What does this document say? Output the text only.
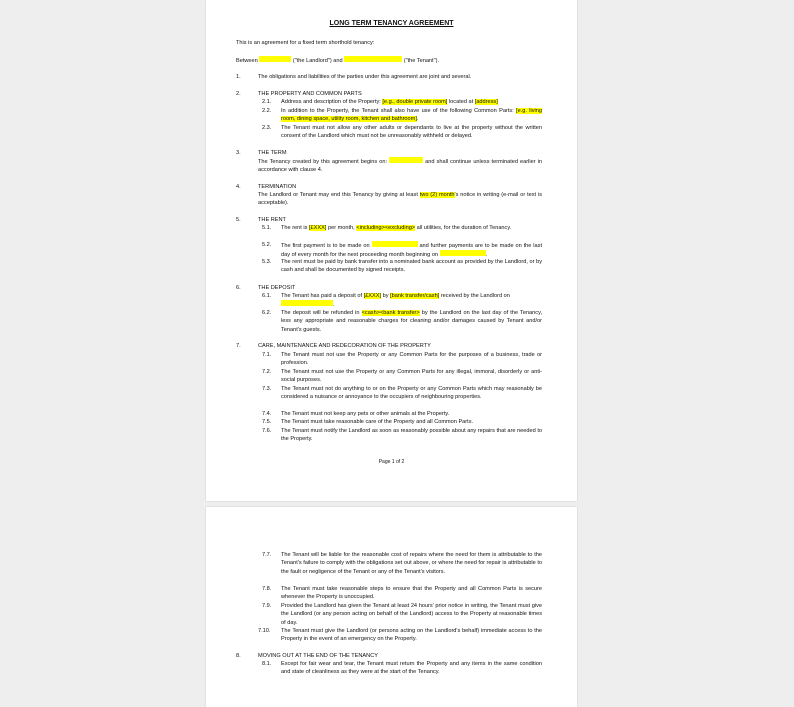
LONG TERM TENANCY AGREEMENT
This is an agreement for a fixed term shorthold tenancy:
Between	("the Landlord") and	("the Tenant").
1.	The obligations and liabilities of the parties under this agreement are joint and several.
2.	THE PROPERTY AND COMMON PARTS
2.1. Address and description of the Property: [e.g., double private room] located at [address]
2.2. In addition to the Property, the Tenant shall also have use of the following Common Parts: [e.g. living room, dining space, utility room, kitchen and bathroom].
2.3. The Tenant must not allow any other adults or dependants to live at the property without the written consent of the Landlord which must not be unreasonably withheld or delayed.
3.	THE TERM
The Tenancy created by this agreement begins on:	and shall continue unless terminated earlier in accordance with clause 4.
4.	TERMINATION
The Landlord or Tenant may end this Tenancy by giving at least two (2) month's notice in writing (e-mail or text is acceptable).
5.	THE RENT
5.1. The rent is [£XXX] per month, <including><excluding> all utilities, for the duration of Tenancy.
5.2. The first payment is to be made on	and further payments are to be made on the last day of every month for the next proceeding month beginning on	.
5.3. The rent must be paid by bank transfer into a nominated bank account as provided by the Landlord, or by cash and shall be documented by signed receipts.
6.	THE DEPOSIT
6.1. The Tenant has paid a deposit of [£XXX] by [bank transfer/cash] received by the Landlord on
.
6.2. The deposit will be refunded in <cash><bank transfer> by the Landlord on the last day of the Tenancy, less any appropriate and reasonable charges for cleaning and/or damages caused by Tenant and/or Tenant's guests.
7.	CARE, MAINTENANCE AND REDECORATION OF THE PROPERTY
7.1. The Tenant must not use the Property or any Common Parts for the purposes of a business, trade or profession.
7.2. The Tenant must not use the Property or any Common Parts for any illegal, immoral, disorderly or anti-social purposes.
7.3. The Tenant must not do anything to or on the Property or any Common Parts which may reasonably be considered a nuisance or annoyance to the occupiers of neighbouring properties.
7.4. The Tenant must not keep any pets or other animals at the Property.
7.5. The Tenant must take reasonable care of the Property and all Common Parts.
7.6. The Tenant must notify the Landlord as soon as reasonably possible about any repairs that are needed to the Property.
Page 1 of 2
7.7. The Tenant will be liable for the reasonable cost of repairs where the need for them is attributable to the Tenant's failure to comply with the obligations set out above, or where the need for repair is attributable to the fault or negligence of the Tenant or any of the Tenant's visitors.
7.8. The Tenant must take reasonable steps to ensure that the Property and all Common Parts is secure whenever the Property is unoccupied.
7.9. Provided the Landlord has given the Tenant at least 24 hours' prior notice in writing, the Tenant must give the Landlord (or any person acting on behalf of the Landlord) access to the Property at reasonable times of day.
7.10. The Tenant must give the Landlord (or persons acting on the Landlord's behalf) immediate access to the Property in the event of an emergency on the Property.
8.	MOVING OUT AT THE END OF THE TENANCY
8.1. Except for fair wear and tear, the Tenant must return the Property and any items in the same condition and state of cleanliness as they were at the start of the Tenancy.
